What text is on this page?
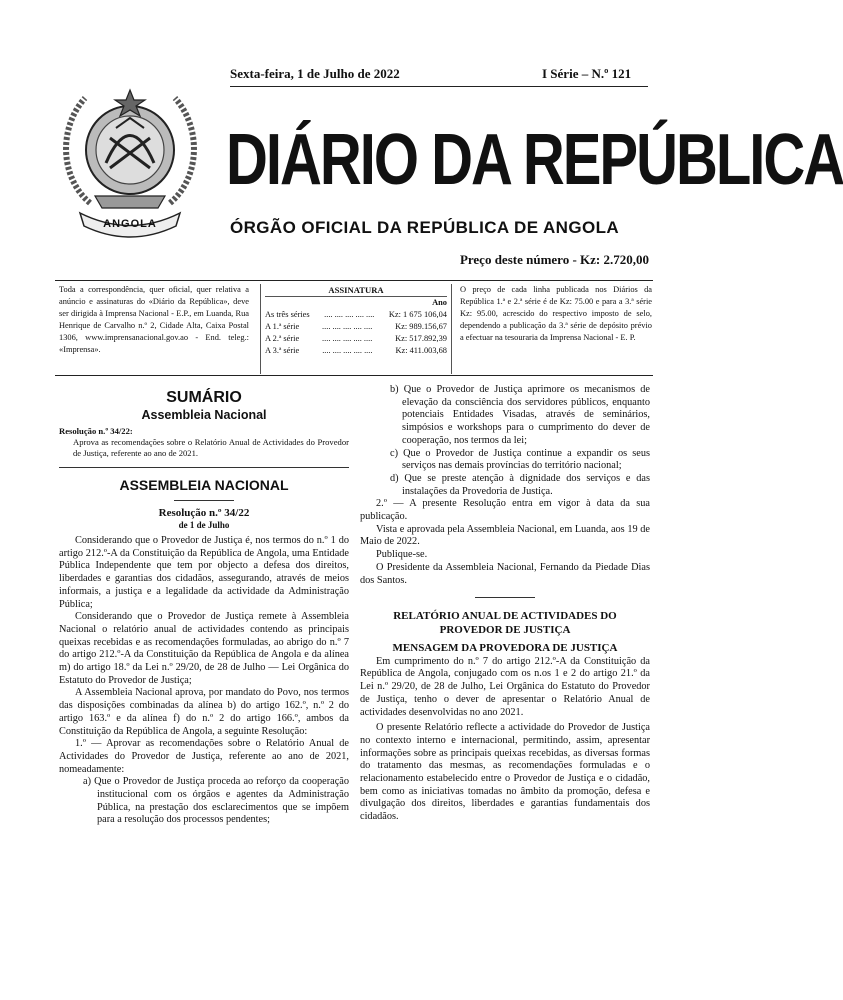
ANGOLA
Sexta-feira, 1 de Julho de 2022	I Série – N.º 121
DIÁRIO DA REPÚBLICA
ÓRGÃO OFICIAL DA REPÚBLICA DE ANGOLA
Preço deste número - Kz: 2.720,00
Toda a correspondência, quer oficial, quer relativa a anúncio e assinaturas do «Diário da República», deve ser dirigida à Imprensa Nacional - E.P., em Luanda, Rua Henrique de Carvalho n.º 2, Cidade Alta, Caixa Postal 1306, www.imprensanacional.gov.ao - End. teleg.: «Imprensa».
ASSINATURA
Ano
As três séries .... .... .... .... .... Kz: 1 675 106,04
A 1.ª série	.... .... .... .... ....	Kz: 989.156,67
A 2.ª série	.... .... .... .... ....	Kz: 517.892,39
A 3.ª série	.... .... .... .... ....	Kz: 411.003,68
O preço de cada linha publicada nos Diários da República 1.ª e 2.ª série é de Kz: 75.00 e para a 3.ª série Kz: 95.00, acrescido do respectivo imposto de selo, dependendo a publicação da 3.ª série de depósito prévio a efectuar na tesouraria da Imprensa Nacional - E. P.
SUMÁRIO
Assembleia Nacional
Resolução n.º 34/22:
Aprova as recomendações sobre o Relatório Anual de Actividades do Provedor de Justiça, referente ao ano de 2021.
ASSEMBLEIA NACIONAL
Resolução n.º 34/22
de 1 de Julho
Considerando que o Provedor de Justiça é, nos termos do n.º 1 do artigo 212.º-A da Constituição da República de Angola, uma Entidade Pública Independente que tem por objecto a defesa dos direitos, liberdades e garantias dos cidadãos, assegurando, através de meios informais, a justiça e a legalidade da actividade da Administração Pública;
Considerando que o Provedor de Justiça remete à Assembleia Nacional o relatório anual de actividades contendo as principais queixas recebidas e as recomendações formuladas, ao abrigo do n.º 7 do artigo 212.º-A da Constituição da República de Angola e da alínea m) do artigo 18.º da Lei n.º 29/20, de 28 de Julho — Lei Orgânica do Estatuto do Provedor de Justiça;
A Assembleia Nacional aprova, por mandato do Povo, nos termos das disposições combinadas da alínea b) do artigo 162.º, n.º 2 do artigo 163.º e da alínea f) do n.º 2 do artigo 166.º, ambos da Constituição da República de Angola, a seguinte Resolução:
1.º — Aprovar as recomendações sobre o Relatório Anual de Actividades do Provedor de Justiça, referente ao ano de 2021, nomeadamente:
a) Que o Provedor de Justiça proceda ao reforço da cooperação institucional com os órgãos e agentes da Administração Pública, na prestação dos esclarecimentos que se impõem para a resolução dos processos pendentes;
b) Que o Provedor de Justiça aprimore os mecanismos de elevação da consciência dos servidores públicos, enquanto potenciais Entidades Visadas, através de seminários, simpósios e workshops para o cumprimento do dever de cooperação, nos termos da lei;
c) Que o Provedor de Justiça continue a expandir os seus serviços nas demais províncias do território nacional;
d) Que se preste atenção à dignidade dos serviços e das instalações da Provedoria de Justiça.
2.º — A presente Resolução entra em vigor à data da sua publicação.
Vista e aprovada pela Assembleia Nacional, em Luanda, aos 19 de Maio de 2022.
Publique-se.
O Presidente da Assembleia Nacional, Fernando da Piedade Dias dos Santos.
RELATÓRIO ANUAL DE ACTIVIDADES DO PROVEDOR DE JUSTIÇA
MENSAGEM DA PROVEDORA DE JUSTIÇA
Em cumprimento do n.º 7 do artigo 212.º-A da Constituição da República de Angola, conjugado com os n.os 1 e 2 do artigo 21.º da Lei n.º 29/20, de 28 de Julho, Lei Orgânica do Estatuto do Provedor de Justiça, tenho o dever de apresentar o Relatório Anual de actividades desenvolvidas no ano 2021.
O presente Relatório reflecte a actividade do Provedor de Justiça no contexto interno e internacional, permitindo, assim, apresentar informações sobre as principais queixas recebidas, as diversas formas do tratamento das mesmas, as recomendações formuladas e o relacionamento estabelecido entre o Provedor de Justiça e o cidadão, bem como as iniciativas tomadas no âmbito da promoção, defesa e divulgação dos direitos, liberdades e garantias fundamentais dos cidadãos.
